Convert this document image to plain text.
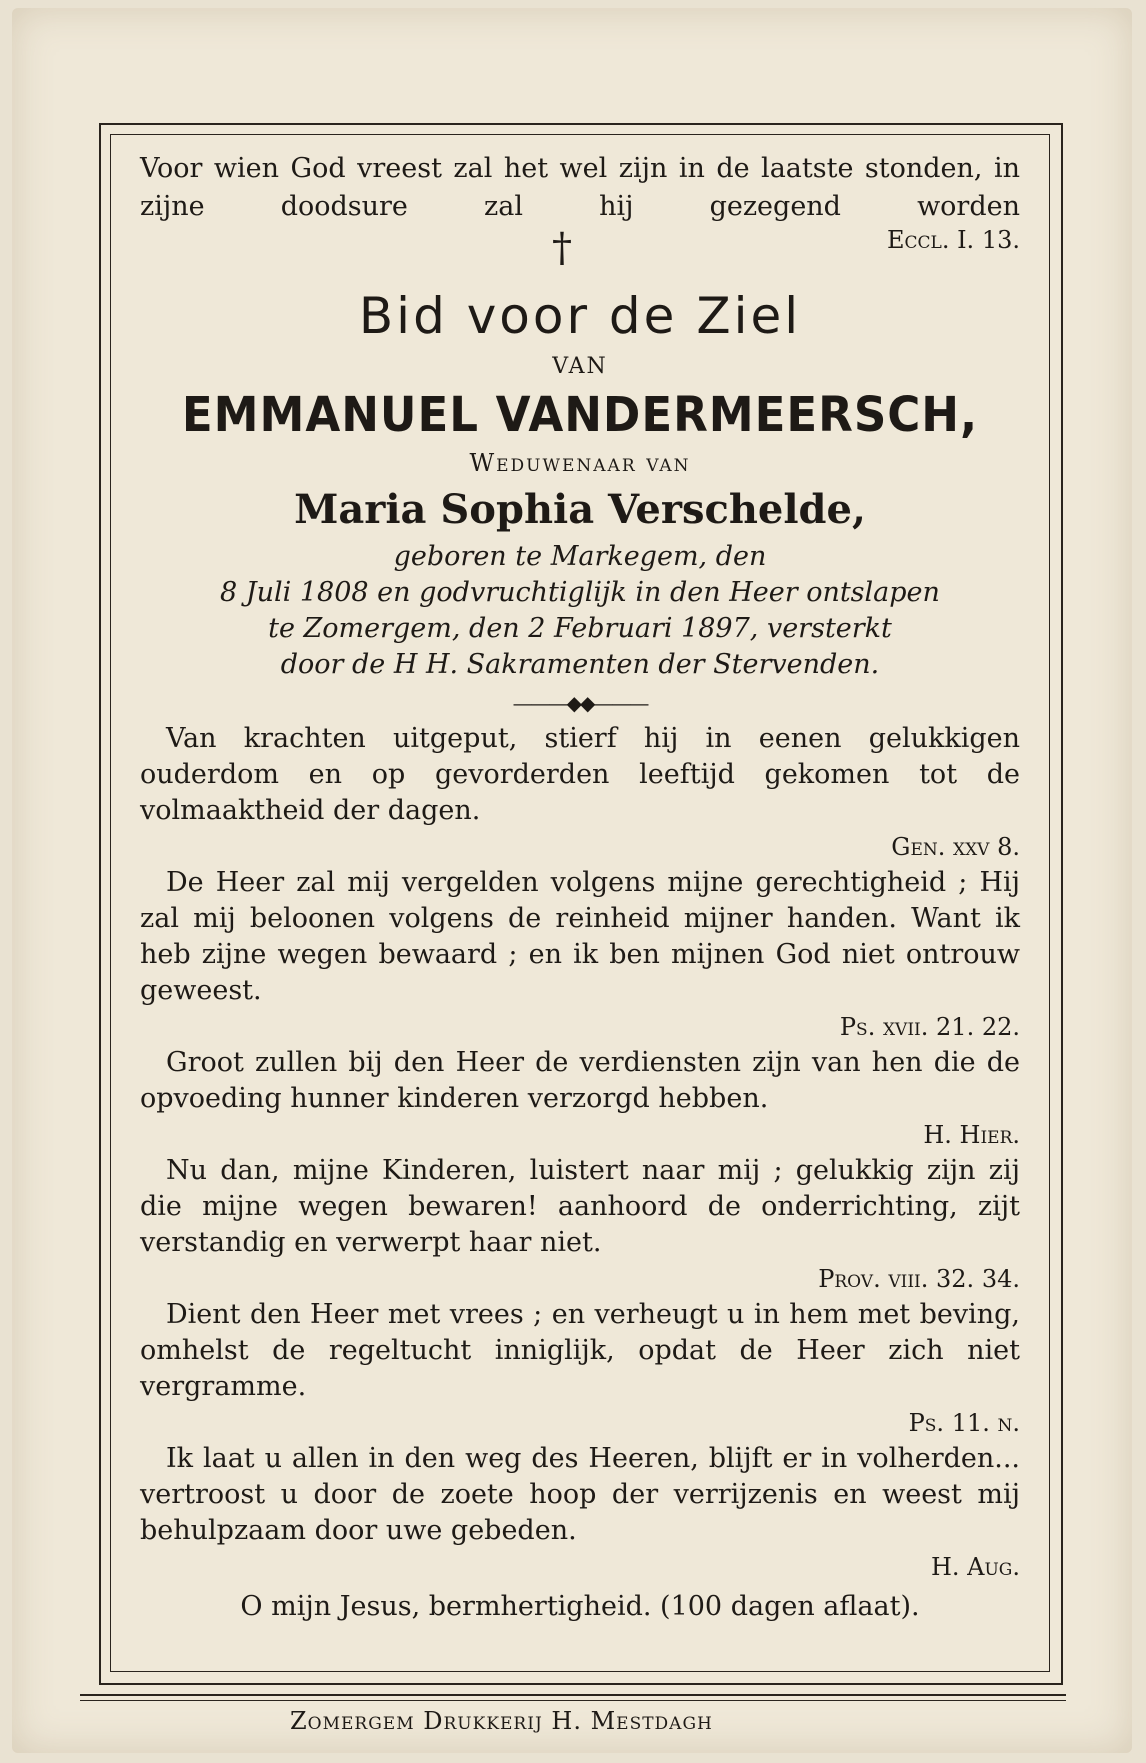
Voor wien God vreest zal het wel zijn in de laatste stonden, in zijne doodsure zal hij gezegend worden
†	Eccl. I. 13.
Bid voor de Ziel
VAN
EMMANUEL VANDERMEERSCH,
Weduwenaar van
Maria Sophia Verschelde,
geboren te Markegem, den
8 Juli 1808 en godvruchtiglijk in den Heer ontslapen
te Zomergem, den 2 Februari 1897, versterkt
door de H H. Sakramenten der Stervenden.
———◆◆———

Van krachten uitgeput, stierf hij in eenen gelukkigen ouderdom en op gevorderden leeftijd gekomen tot de volmaaktheid der dagen.

Gen. xxv 8.

De Heer zal mij vergelden volgens mijne gerechtigheid ; Hij zal mij beloonen volgens de reinheid mijner handen. Want ik heb zijne wegen bewaard ; en ik ben mijnen God niet ontrouw geweest.

Ps. xvii. 21. 22.

Groot zullen bij den Heer de verdiensten zijn van hen die de opvoeding hunner kinderen verzorgd hebben.

H. Hier.

Nu dan, mijne Kinderen, luistert naar mij ; gelukkig zijn zij die mijne wegen bewaren! aanhoord de onderrichting, zijt verstandig en verwerpt haar niet.

Prov. viii. 32. 34.

Dient den Heer met vrees ; en verheugt u in hem met beving, omhelst de regeltucht inniglijk, opdat de Heer zich niet vergramme.

Ps. 11. n.

Ik laat u allen in den weg des Heeren, blijft er in volherden... vertroost u door de zoete hoop der verrijzenis en weest mij behulpzaam door uwe gebeden.

H. Aug.

O mijn Jesus, bermhertigheid. (100 dagen aflaat).
Zomergem Drukkerij H. Mestdagh
